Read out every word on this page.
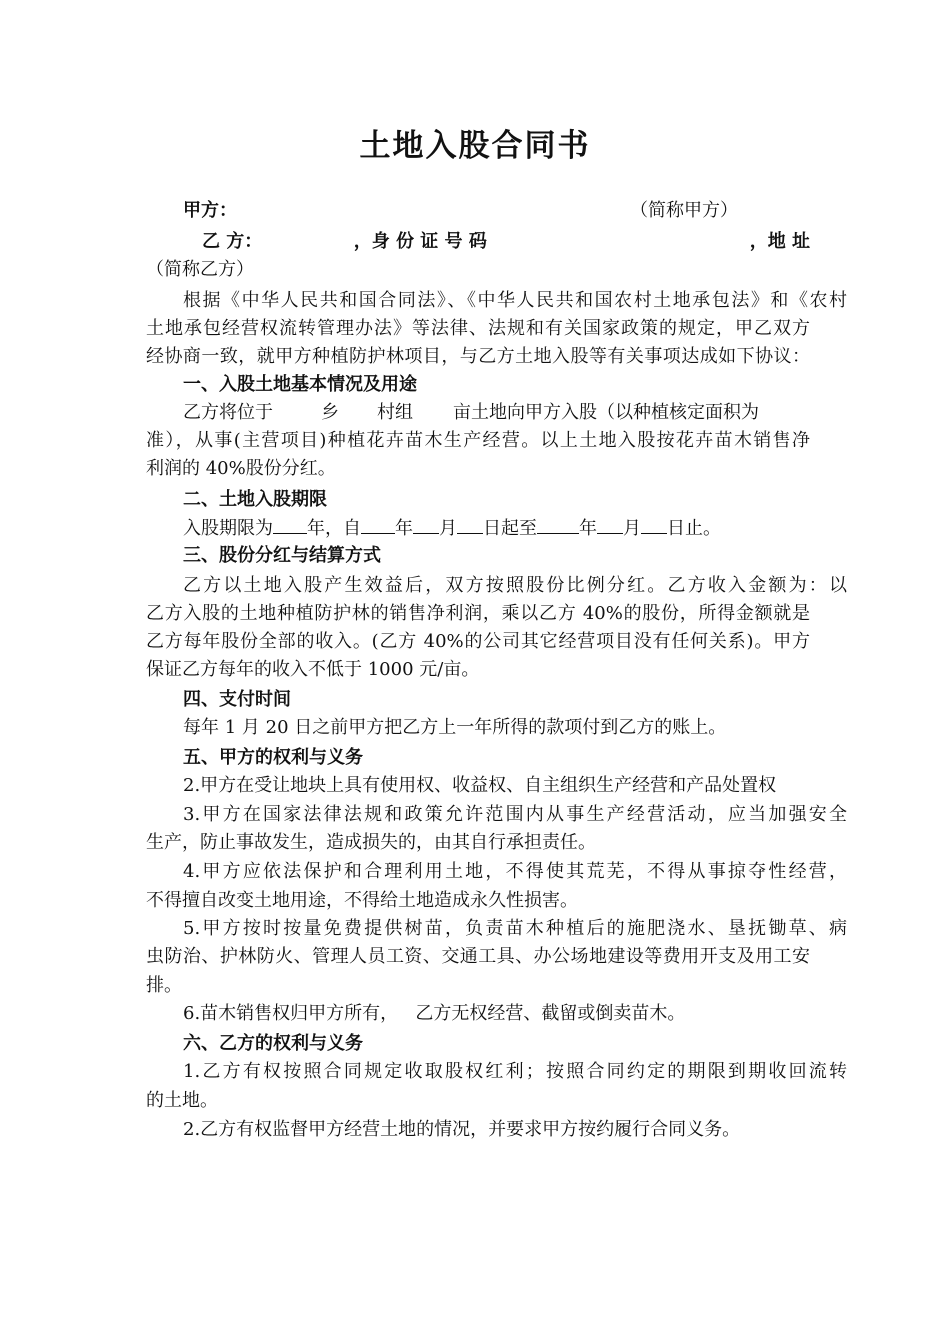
土地入股合同书
甲方：	（简称甲方）
乙 方：	，身 份 证 号 码	，地 址
（简称乙方）
根据《中华人民共和国合同法》、《中华人民共和国农村土地承包法》和《农村
土地承包经营权流转管理办法》等法律、法规和有关国家政策的规定，甲乙双方
经协商一致，就甲方种植防护林项目，与乙方土地入股等有关事项达成如下协议：
一、入股土地基本情况及用途
乙方将位于	乡 村组 亩土地向甲方入股（以种植核定面积为
准），从事(主营项目)种植花卉苗木生产经营。以上土地入股按花卉苗木销售净
利润的 40%股份分红。
二、土地入股期限
入股期限为 年，自 年 月 日起至 年 月 日止。
三、股份分红与结算方式
乙方以土地入股产生效益后，双方按照股份比例分红。乙方收入金额为：以
乙方入股的土地种植防护林的销售净利润，乘以乙方 40%的股份，所得金额就是
乙方每年股份全部的收入。(乙方 40%的公司其它经营项目没有任何关系)。甲方
保证乙方每年的收入不低于 1000 元/亩。
四、支付时间
每年 1 月 20 日之前甲方把乙方上一年所得的款项付到乙方的账上。
五、甲方的权利与义务
2.甲方在受让地块上具有使用权、收益权、自主组织生产经营和产品处置权
3.甲方在国家法律法规和政策允许范围内从事生产经营活动，应当加强安全
生产，防止事故发生，造成损失的，由其自行承担责任。
4.甲方应依法保护和合理利用土地，不得使其荒芜，不得从事掠夺性经营，
不得擅自改变土地用途，不得给土地造成永久性损害。
5.甲方按时按量免费提供树苗，负责苗木种植后的施肥浇水、垦抚锄草、病
虫防治、护林防火、管理人员工资、交通工具、办公场地建设等费用开支及用工安
排。
6.苗木销售权归甲方所有，   乙方无权经营、截留或倒卖苗木。
六、乙方的权利与义务
1.乙方有权按照合同规定收取股权红利；按照合同约定的期限到期收回流转
的土地。
2.乙方有权监督甲方经营土地的情况，并要求甲方按约履行合同义务。
